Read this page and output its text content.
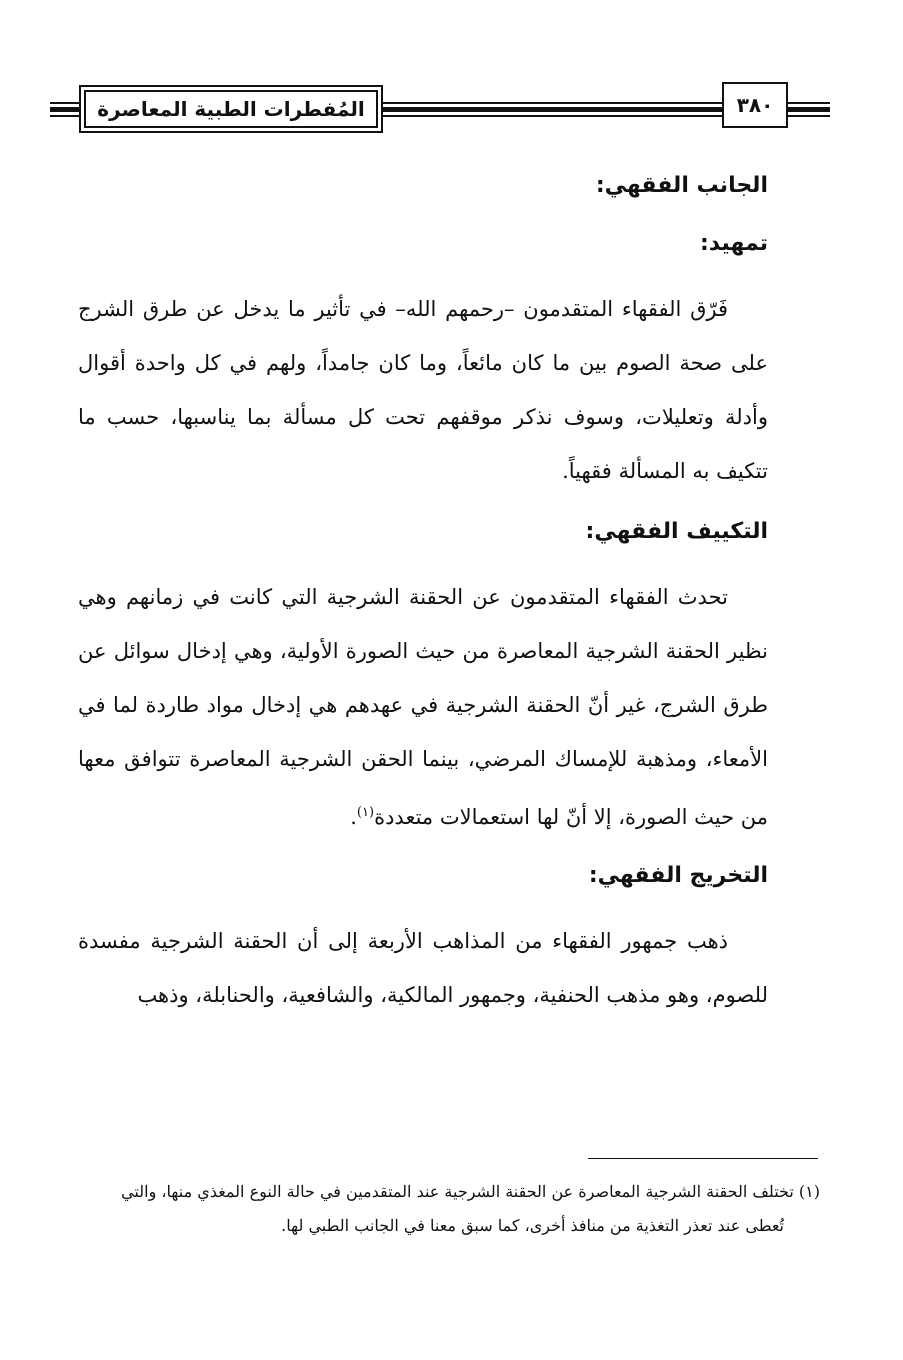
المُفطرات الطبية المعاصرة	٣٨٠
الجانب الفقهي:
تمهيد:

فَرّق الفقهاء المتقدمون –رحمهم الله– في تأثير ما يدخل عن طرق الشرج على صحة الصوم بين ما كان مائعاً، وما كان جامداً، ولهم في كل واحدة أقوال وأدلة وتعليلات، وسوف نذكر موقفهم تحت كل مسألة بما يناسبها، حسب ما تتكيف به المسألة فقهياً.

التكييف الفقهي:

تحدث الفقهاء المتقدمون عن الحقنة الشرجية التي كانت في زمانهم وهي نظير الحقنة الشرجية المعاصرة من حيث الصورة الأولية، وهي إدخال سوائل عن طرق الشرج، غير أنّ الحقنة الشرجية في عهدهم هي إدخال مواد طاردة لما في الأمعاء، ومذهبة للإمساك المرضي، بينما الحقن الشرجية المعاصرة تتوافق معها من حيث الصورة، إلا أنّ لها استعمالات متعددة$^{(١)}$.

التخريج الفقهي:

ذهب جمهور الفقهاء من المذاهب الأربعة إلى أن الحقنة الشرجية مفسدة للصوم، وهو مذهب الحنفية، وجمهور المالكية، والشافعية، والحنابلة، وذهب

(١) تختلف الحقنة الشرجية المعاصرة عن الحقنة الشرجية عند المتقدمين في حالة النوع المغذي منها، والتي
تُعطى عند تعذر التغذية من منافذ أخرى، كما سبق معنا في الجانب الطبي لها.
